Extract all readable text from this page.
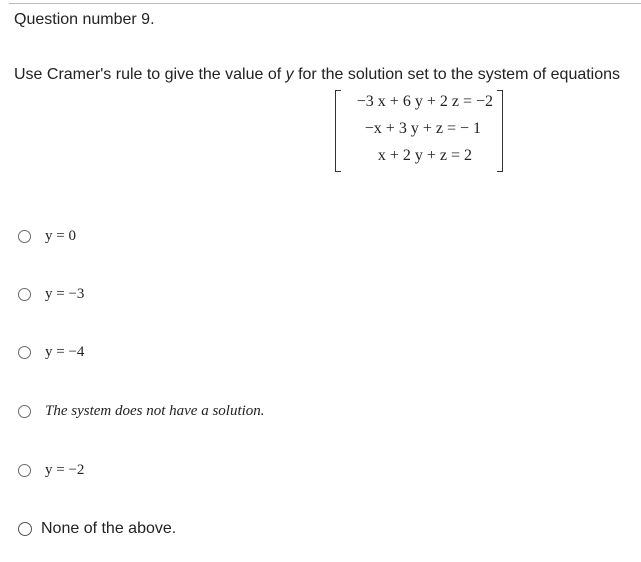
Question number 9.
Use Cramer's rule to give the value of y for the solution set to the system of equations
−3 x + 6 y + 2 z = −2
−x + 3 y + z = − 1
x + 2 y + z = 2
y = 0
y = −3
y = −4
The system does not have a solution.
y = −2
None of the above.
